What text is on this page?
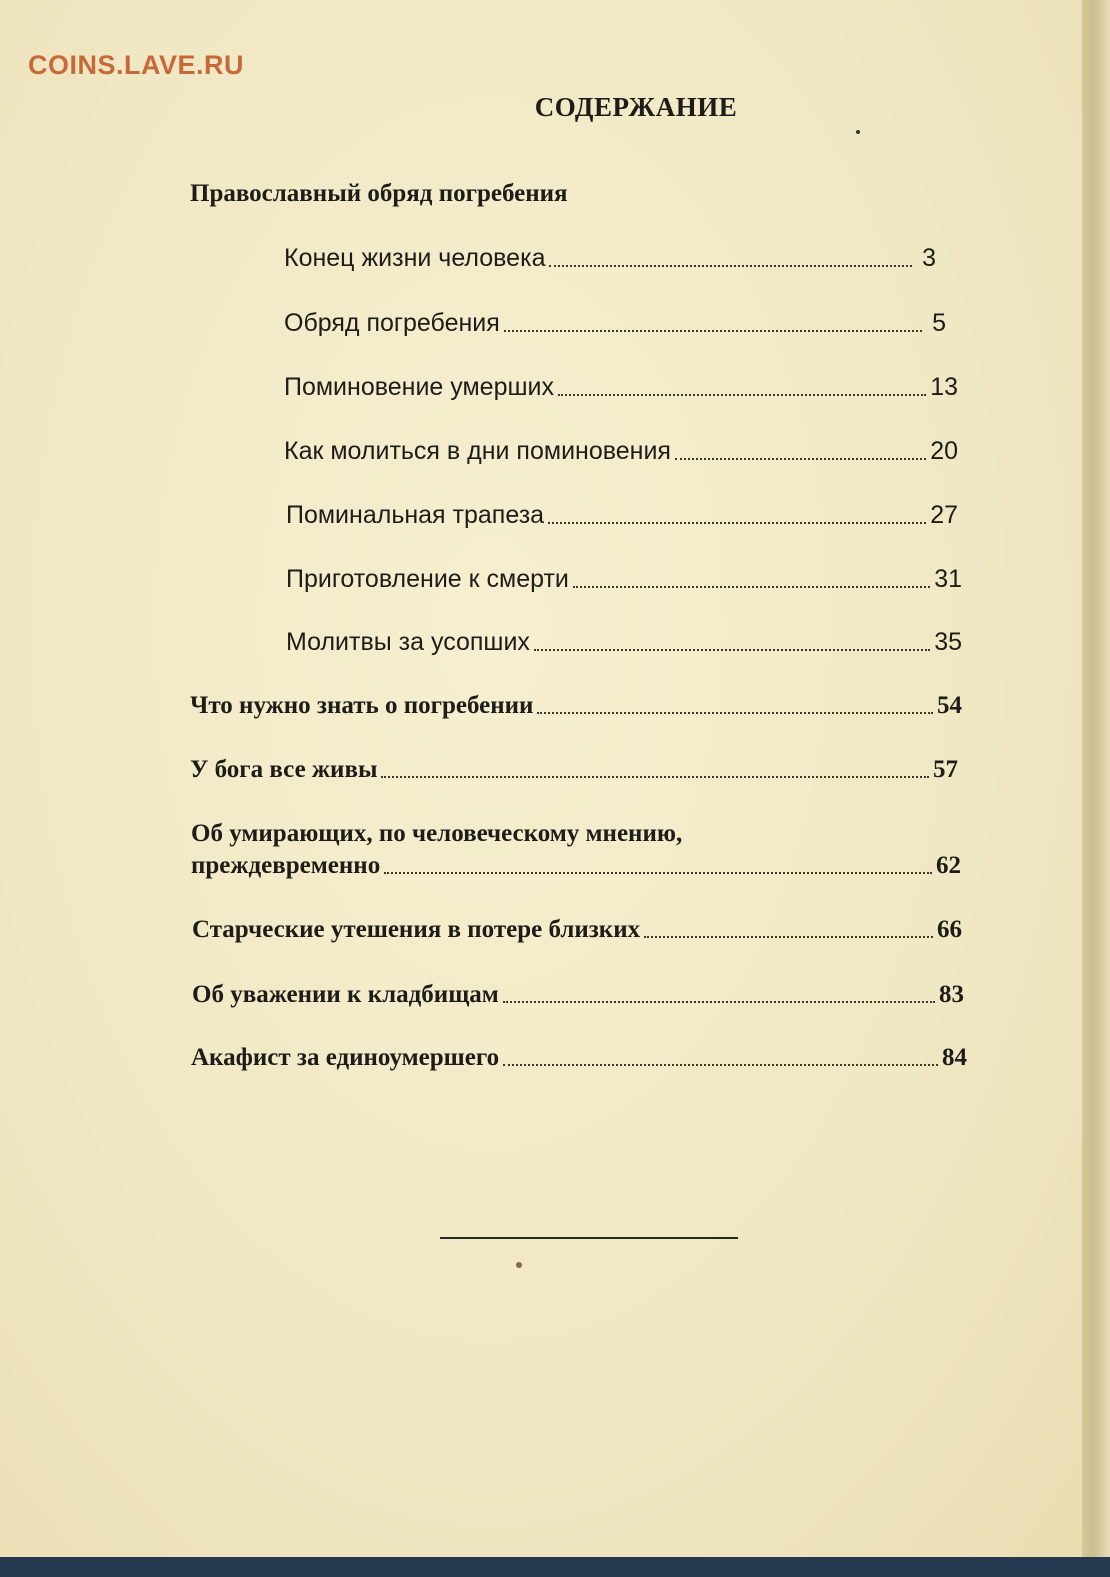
COINS.LAVE.RU
СОДЕРЖАНИЕ
Православный обряд погребения
Конец жизни человека	3
Обряд погребения	5
Поминовение умерших	13
Как молиться в дни поминовения	20
Поминальная трапеза	27
Приготовление к смерти	31
Молитвы за усопших	35
Что нужно знать о погребении	54
У бога все живы	57
Об умирающих, по человеческому мнению,
преждевременно	62
Старческие утешения в потере близких	66
Об уважении к кладбищам	83
Акафист за единоумершего	84
